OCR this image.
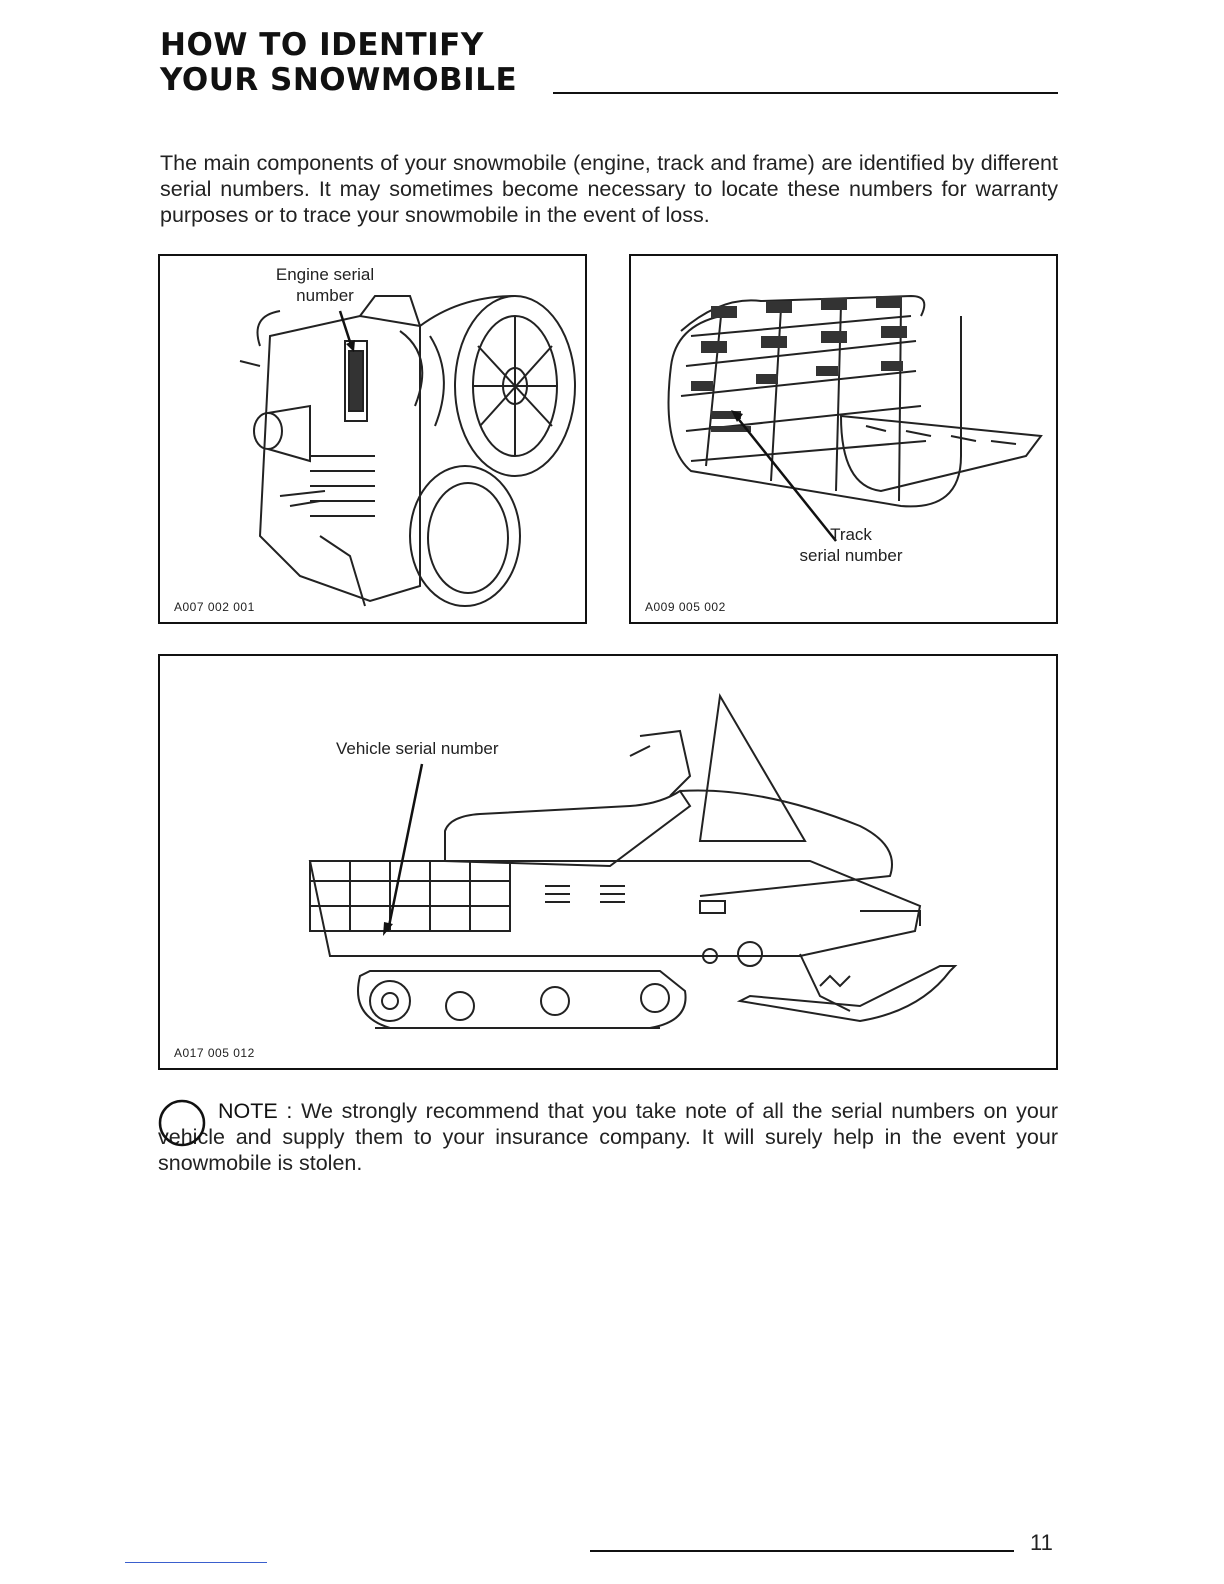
HOW TO IDENTIFY
YOUR SNOWMOBILE

The main components of your snowmobile (engine, track and frame) are identified by different serial numbers. It may sometimes become necessary to locate these numbers for warranty purposes or to trace your snowmobile in the event of loss.

Engine serial
number
A007 002 001
Track
serial number
A009 005 002
Vehicle serial number
A017 005 012

NOTE : We strongly recommend that you take note of all the serial numbers on your vehicle and supply them to your insurance company. It will surely help in the event your snowmobile is stolen.

11
